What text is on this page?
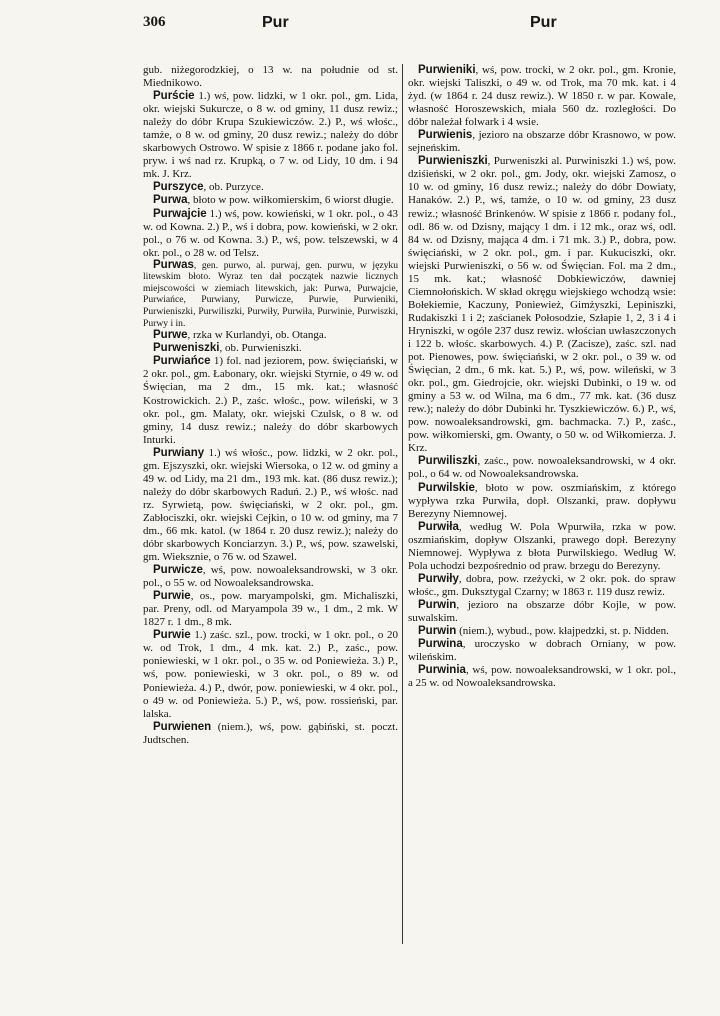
306	Pur	Pur

gub. niżegorodzkiej, o 13 w. na południe od st. Miednikowo.

Purście 1.) wś, pow. lidzki, w 1 okr. pol., gm. Lida, okr. wiejski Sukurcze, o 8 w. od gminy, 11 dusz rewiz.; należy do dóbr Krupa Szukiewiczów. 2.) P., wś włośc., tamże, o 8 w. od gminy, 20 dusz rewiz.; należy do dóbr skarbowych Ostrowo. W spisie z 1866 r. podane jako fol. pryw. i wś nad rz. Krupką, o 7 w. od Lidy, 10 dm. i 94 mk. J. Krz.

Purszyce, ob. Purzyce.

Purwa, błoto w pow. wiłkomierskim, 6 wiorst długie.

Purwajcie 1.) wś, pow. kowieński, w 1 okr. pol., o 43 w. od Kowna. 2.) P., wś i dobra, pow. kowieński, w 2 okr. pol., o 76 w. od Kowna. 3.) P., wś, pow. telszewski, w 4 okr. pol., o 28 w. od Telsz.

Purwas, gen. purwo, al. purwaj, gen. purwu, w języku litewskim błoto. Wyraz ten dał początek nazwie licznych miejscowości w ziemiach litewskich, jak: Purwa, Purwajcie, Purwiańce, Purwiany, Purwicze, Purwie, Purwieniki, Purwieniszki, Purwiliszki, Purwiły, Purwiła, Purwinie, Purwiszki, Purwy i in.

Purwe, rzka w Kurlandyi, ob. Otanga.

Purweniszki, ob. Purwieniszki.

Purwiańce 1) fol. nad jeziorem, pow. święciański, w 2 okr. pol., gm. Łabonary, okr. wiejski Styrnie, o 49 w. od Święcian, ma 2 dm., 15 mk. kat.; własność Kostrowickich. 2.) P., zaśc. włośc., pow. wileński, w 3 okr. pol., gm. Malaty, okr. wiejski Czulsk, o 8 w. od gminy, 14 dusz rewiz.; należy do dóbr skarbowych Inturki.

Purwiany 1.) wś włośc., pow. lidzki, w 2 okr. pol., gm. Ejszyszki, okr. wiejski Wiersoka, o 12 w. od gminy a 49 w. od Lidy, ma 21 dm., 193 mk. kat. (86 dusz rewiz.); należy do dóbr skarbowych Raduń. 2.) P., wś włośc. nad rz. Syrwietą, pow. święciański, w 2 okr. pol., gm. Zabłociszki, okr. wiejski Cejkin, o 10 w. od gminy, ma 7 dm., 66 mk. katol. (w 1864 r. 20 dusz rewiz.); należy do dóbr skarbowych Konciarzyn. 3.) P., wś, pow. szawelski, gm. Wiekszniе, o 76 w. od Szawel.

Purwicze, wś, pow. nowoaleksandrowski, w 3 okr. pol., o 55 w. od Nowoaleksandrowska.

Purwie, os., pow. maryampolski, gm. Michaliszki, par. Preny, odl. od Maryampola 39 w., 1 dm., 2 mk. W 1827 r. 1 dm., 8 mk.

Purwie 1.) zaśc. szl., pow. trocki, w 1 okr. pol., o 20 w. od Trok, 1 dm., 4 mk. kat. 2.) P., zaśc., pow. poniewieski, w 1 okr. pol., o 35 w. od Poniewieża. 3.) P., wś, pow. poniewieski, w 3 okr. pol., o 89 w. od Poniewieża. 4.) P., dwór, pow. poniewieski, w 4 okr. pol., o 49 w. od Poniewieża. 5.) P., wś, pow. rossieński, par. lalska.

Purwienen (niem.), wś, pow. gąbiński, st. poczt. Judtschen.

Purwieniki, wś, pow. trocki, w 2 okr. pol., gm. Kronie, okr. wiejski Taliszki, o 49 w. od Trok, ma 70 mk. kat. i 4 żyd. (w 1864 r. 24 dusz rewiz.). W 1850 r. w par. Kowale, własność Horoszewskich, miała 560 dz. rozległości. Do dóbr należał folwark i 4 wsie.

Purwienis, jezioro na obszarze dóbr Krasnowo, w pow. sejneńskim.

Purwieniszki, Purweniszki al. Purwiniszki 1.) wś, pow. dziśieński, w 2 okr. pol., gm. Jody, okr. wiejski Zamosz, o 10 w. od gminy, 16 dusz rewiz.; należy do dóbr Dowiaty, Hanaków. 2.) P., wś, tamże, o 10 w. od gminy, 23 dusz rewiz.; własność Brinkenów. W spisie z 1866 r. podany fol., odl. 86 w. od Dzisny, mający 1 dm. i 12 mk., oraz wś, odl. 84 w. od Dzisny, mająca 4 dm. i 71 mk. 3.) P., dobra, pow. święciański, w 2 okr. pol., gm. i par. Kukuciszki, okr. wiejski Purwieniszki, o 56 w. od Święcian. Fol. ma 2 dm., 15 mk. kat.; własność Dobkiewiczów, dawniej Ciemnołońskich. W skład okręgu wiejskiego wchodzą wsie: Bołekiemie, Kaczuny, Poniewież, Gimżyszki, Lepiniszki, Rudakiszki 1 i 2; zaścianek Połosodzie, Szłapie 1, 2, 3 i 4 i Hryniszki, w ogóle 237 dusz rewiz. włościan uwłaszczonych i 122 b. włośc. skarbowych. 4.) P. (Zacisze), zaśc. szl. nad pot. Pienowes, pow. święciański, w 2 okr. pol., o 39 w. od Święcian, 2 dm., 6 mk. kat. 5.) P., wś, pow. wileński, w 3 okr. pol., gm. Giedrojcie, okr. wiejski Dubinki, o 19 w. od gminy a 53 w. od Wilna, ma 6 dm., 77 mk. kat. (36 dusz rew.); należy do dóbr Dubinki hr. Tyszkiewiczów. 6.) P., wś, pow. nowoaleksandrowski, gm. bachmacka. 7.) P., zaśc., pow. wiłkomierski, gm. Owanty, o 50 w. od Wiłkomierza. J. Krz.

Purwiliszki, zaśc., pow. nowoaleksandrowski, w 4 okr. pol., o 64 w. od Nowoaleksandrowska.

Purwilskie, błoto w pow. oszmiańskim, z którego wypływa rzka Purwiła, dopł. Olszanki, praw. dopływu Berezyny Niemnowej.

Purwiła, według W. Pola Wpurwiła, rzka w pow. oszmiańskim, dopływ Olszanki, prawego dopł. Berezyny Niemnowej. Wypływa z błota Purwilskiego. Według W. Pola uchodzi bezpośrednio od praw. brzegu do Berezyny.

Purwiły, dobra, pow. rzeżycki, w 2 okr. pok. do spraw włośc., gm. Duksztygal Czarny; w 1863 r. 119 dusz rewiz.

Purwin, jezioro na obszarze dóbr Kojle, w pow. suwalskim.

Purwin (niem.), wybud., pow. kłajpedzki, st. p. Nidden.

Purwina, uroczysko w dobrach Orniany, w pow. wileńskim.

Purwinia, wś, pow. nowoaleksandrowski, w 1 okr. pol., a 25 w. od Nowoaleksandrowska.
